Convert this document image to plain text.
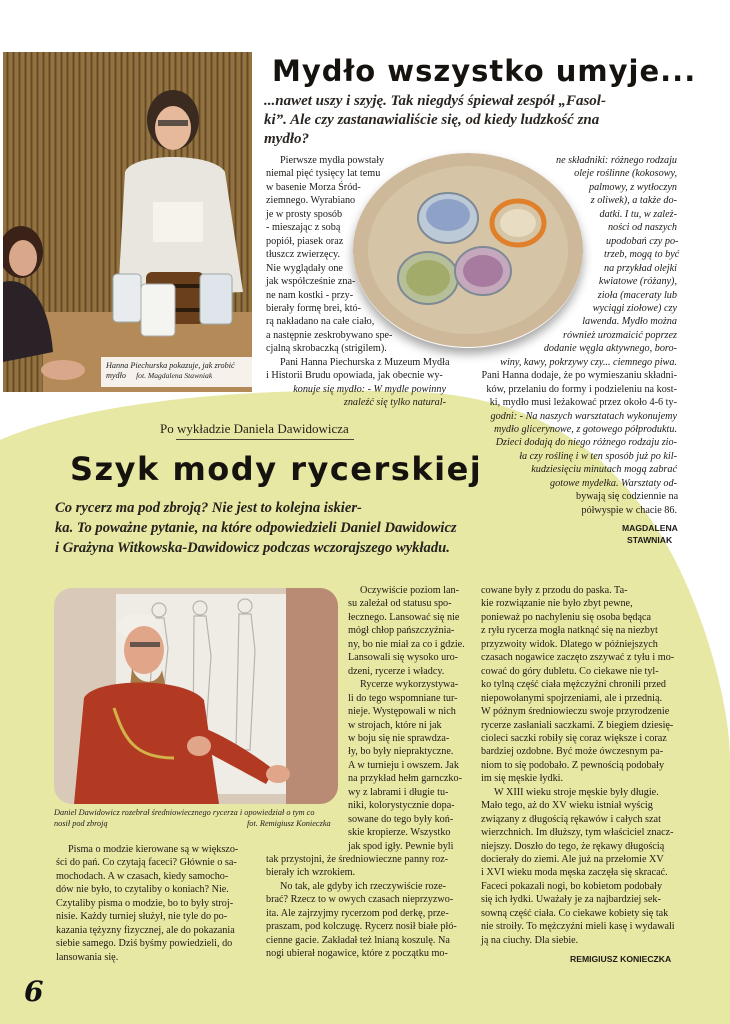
Hanna Piechurska pokazuje, jak zrobić mydło fot. Magdalena Stawniak
Mydło wszystko umyje...
...nawet uszy i szyję. Tak niegdyś śpiewał zespół „Fasol-
ki”. Ale czy zastanawialiście się, od kiedy ludzkość zna
mydło?
Pierwsze mydła powstały
niemal pięć tysięcy lat temu
w basenie Morza Śród-
ziemnego. Wyrabiano
je w prosty sposób
- mieszając z sobą
popiół, piasek oraz
tłuszcz zwierzęcy.
Nie wyglądały one
jak współcześnie zna-
ne nam kostki - przy-
bierały formę brei, któ-
rą nakładano na całe ciało,
a następnie zeskrobywano spe-
cjalną skrobaczką (strigilem).
Pani Hanna Piechurska z Muzeum Mydła
i Historii Brudu opowiada, jak obecnie wy-
konuje się mydło: - W mydle powinny
znaleźć się tylko natural-
ne składniki: różnego rodzaju
oleje roślinne (kokosowy,
palmowy, z wytłoczyn
z oliwek), a także do-
datki. I tu, w zależ-
ności od naszych
upodobań czy po-
trzeb, mogą to być
na przykład olejki
kwiatowe (różany),
zioła (maceraty lub
wyciągi ziołowe) czy
lawenda. Mydło można
również urozmaicić poprzez
dodanie węgla aktywnego, boro-
winy, kawy, pokrzywy czy... ciemnego piwa.
Pani Hanna dodaje, że po wymieszaniu składni-
ków, przelaniu do formy i podzieleniu na kost-
ki, mydło musi leżakować przez około 4-6 ty-
godni: - Na naszych warsztatach wykonujemy
mydło glicerynowe, z gotowego półproduktu.
Dzieci dodają do niego różnego rodzaju zio-
ła czy roślinę i w ten sposób już po kil-
kudziesięciu minutach mogą zabrać
gotowe mydełka. Warsztaty od-
bywają się codziennie na
półwyspie w chacie 86.
MAGDALENA
STAWNIAK
Po wykładzie Daniela Dawidowicza
Szyk mody rycerskiej
Co rycerz ma pod zbroją? Nie jest to kolejna iskier-
ka. To poważne pytanie, na które odpowiedzieli Daniel Dawidowicz
i Grażyna Witkowska-Dawidowicz podczas wczorajszego wykładu.
Daniel Dawidowicz rozebrał średniowiecznego rycerza i opowiedział o tym co
nosił pod zbroją	fot. Remigiusz Konieczka
Pisma o modzie kierowane są w większo-
ści do pań. Co czytają faceci? Głównie o sa-
mochodach. A w czasach, kiedy samocho-
dów nie było, to czytaliby o koniach? Nie.
Czytaliby pisma o modzie, bo to były stroj-
nisie. Każdy turniej służył, nie tyle do po-
kazania tężyzny fizycznej, ale do pokazania
siebie samego. Dziś byśmy powiedzieli, do
lansowania się.
Oczywiście poziom lan-
su zależał od statusu spo-
łecznego. Lansować się nie
mógł chłop pańszczyźnia-
ny, bo nie miał za co i gdzie.
Lansowali się wysoko uro-
dzeni, rycerze i władcy.
Rycerze wykorzystywa-
li do tego wspomniane tur-
nieje. Występowali w nich
w strojach, które ni jak
w boju się nie sprawdza-
ły, bo były niepraktyczne.
A w turnieju i owszem. Jak
na przykład hełm garnczko-
wy z labrami i długie tu-
niki, kolorystycznie dopa-
sowane do tego były koń-
skie kropierze. Wszystko
jak spod igły. Pewnie byli
tak przystojni, że średniowieczne panny roz-
bierały ich wzrokiem.
No tak, ale gdyby ich rzeczywiście roze-
brać? Rzecz to w owych czasach nieprzyzwo-
ita. Ale zajrzyjmy rycerzom pod derkę, prze-
praszam, pod kolczugę. Rycerz nosił białe płó-
cienne gacie. Zakładał też lnianą koszulę. Na
nogi ubierał nogawice, które z początku mo-
cowane były z przodu do paska. Ta-
kie rozwiązanie nie było zbyt pewne,
ponieważ po nachyleniu się osoba będąca
z ryłu rycerza mogła natknąć się na niezbyt
przyzwoity widok. Dlatego w późniejszych
czasach nogawice zaczęto zszywać z tyłu i mo-
cować do góry dubletu. Co ciekawe nie tyl-
ko tylną część ciała mężczyźni chronili przed
niepowołanymi spojrzeniami, ale i przednią.
W późnym średniowieczu swoje przyrodzenie
rycerze zasłaniali saczkami. Z biegiem dziesię-
cioleci saczki robiły się coraz większe i coraz
bardziej ozdobne. Być może ówczesnym pa-
niom to się podobało. Z pewnością podobały
im się męskie łydki.
W XIII wieku stroje męskie były długie.
Mało tego, aż do XV wieku istniał wyścig
związany z długością rękawów i całych szat
wierzchnich. Im dłuższy, tym właściciel znacz-
niejszy. Doszło do tego, że rękawy długością
docierały do ziemi. Ale już na przełomie XV
i XVI wieku moda męska zaczęła się skracać.
Faceci pokazali nogi, bo kobietom podobały
się ich łydki. Uważały je za najbardziej sek-
sowną część ciała. Co ciekawe kobiety się tak
nie stroiły. To mężczyźni mieli kasę i wydawali
ją na ciuchy. Dla siebie.
REMIGIUSZ KONIECZKA
6
